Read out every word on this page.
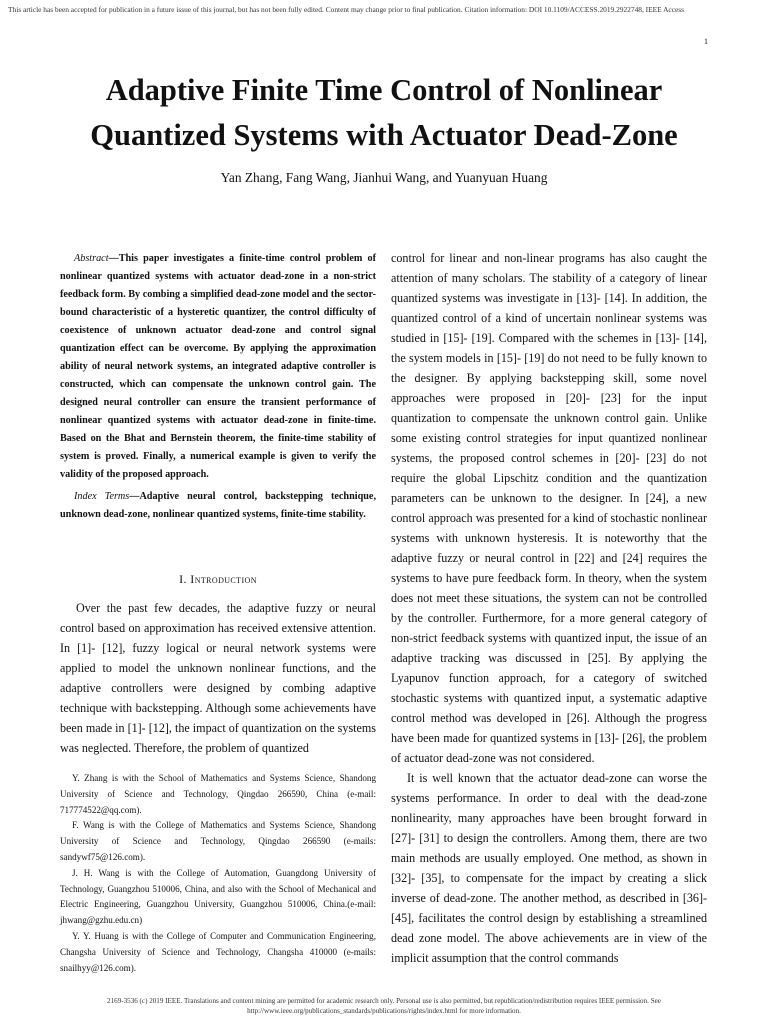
This article has been accepted for publication in a future issue of this journal, but has not been fully edited. Content may change prior to final publication. Citation information: DOI 10.1109/ACCESS.2019.2922748, IEEE Access
1
Adaptive Finite Time Control of Nonlinear Quantized Systems with Actuator Dead-Zone
Yan Zhang, Fang Wang, Jianhui Wang, and Yuanyuan Huang

Abstract—This paper investigates a finite-time control problem of nonlinear quantized systems with actuator dead-zone in a non-strict feedback form. By combing a simplified dead-zone model and the sector-bound characteristic of a hysteretic quantizer, the control difficulty of coexistence of unknown actuator dead-zone and control signal quantization effect can be overcome. By applying the approximation ability of neural network systems, an integrated adaptive controller is constructed, which can compensate the unknown control gain. The designed neural controller can ensure the transient performance of nonlinear quantized systems with actuator dead-zone in finite-time. Based on the Bhat and Bernstein theorem, the finite-time stability of system is proved. Finally, a numerical example is given to verify the validity of the proposed approach.

Index Terms—Adaptive neural control, backstepping technique, unknown dead-zone, nonlinear quantized systems, finite-time stability.

I. Introduction

Over the past few decades, the adaptive fuzzy or neural control based on approximation has received extensive attention. In [1]- [12], fuzzy logical or neural network systems were applied to model the unknown nonlinear functions, and the adaptive controllers were designed by combing adaptive technique with backstepping. Although some achievements have been made in [1]- [12], the impact of quantization on the systems was neglected. Therefore, the problem of quantized

Y. Zhang is with the School of Mathematics and Systems Science, Shandong University of Science and Technology, Qingdao 266590, China (e-mail: 717774522@qq.com).

F. Wang is with the College of Mathematics and Systems Science, Shandong University of Science and Technology, Qingdao 266590 (e-mails: sandywf75@126.com).

J. H. Wang is with the College of Automation, Guangdong University of Technology, Guangzhou 510006, China, and also with the School of Mechanical and Electric Engineering, Guangzhou University, Guangzhou 510006, China.(e-mail: jhwang@gzhu.edu.cn)

Y. Y. Huang is with the College of Computer and Communication Engineering, Changsha University of Science and Technology, Changsha 410000 (e-mails: snailhyy@126.com).

control for linear and non-linear programs has also caught the attention of many scholars. The stability of a category of linear quantized systems was investigate in [13]- [14]. In addition, the quantized control of a kind of uncertain nonlinear systems was studied in [15]- [19]. Compared with the schemes in [13]- [14], the system models in [15]- [19] do not need to be fully known to the designer. By applying backstepping skill, some novel approaches were proposed in [20]- [23] for the input quantization to compensate the unknown control gain. Unlike some existing control strategies for input quantized nonlinear systems, the proposed control schemes in [20]- [23] do not require the global Lipschitz condition and the quantization parameters can be unknown to the designer. In [24], a new control approach was presented for a kind of stochastic nonlinear systems with unknown hysteresis. It is noteworthy that the adaptive fuzzy or neural control in [22] and [24] requires the systems to have pure feedback form. In theory, when the system does not meet these situations, the system can not be controlled by the controller. Furthermore, for a more general category of non-strict feedback systems with quantized input, the issue of an adaptive tracking was discussed in [25]. By applying the Lyapunov function approach, for a category of switched stochastic systems with quantized input, a systematic adaptive control method was developed in [26]. Although the progress have been made for quantized systems in [13]- [26], the problem of actuator dead-zone was not considered.

It is well known that the actuator dead-zone can worse the systems performance. In order to deal with the dead-zone nonlinearity, many approaches have been brought forward in [27]- [31] to design the controllers. Among them, there are two main methods are usually employed. One method, as shown in [32]- [35], to compensate for the impact by creating a slick inverse of dead-zone. The another method, as described in [36]- [45], facilitates the control design by establishing a streamlined dead zone model. The above achievements are in view of the implicit assumption that the control commands

2169-3536 (c) 2019 IEEE. Translations and content mining are permitted for academic research only. Personal use is also permitted, but republication/redistribution requires IEEE permission. See
http://www.ieee.org/publications_standards/publications/rights/index.html for more information.
